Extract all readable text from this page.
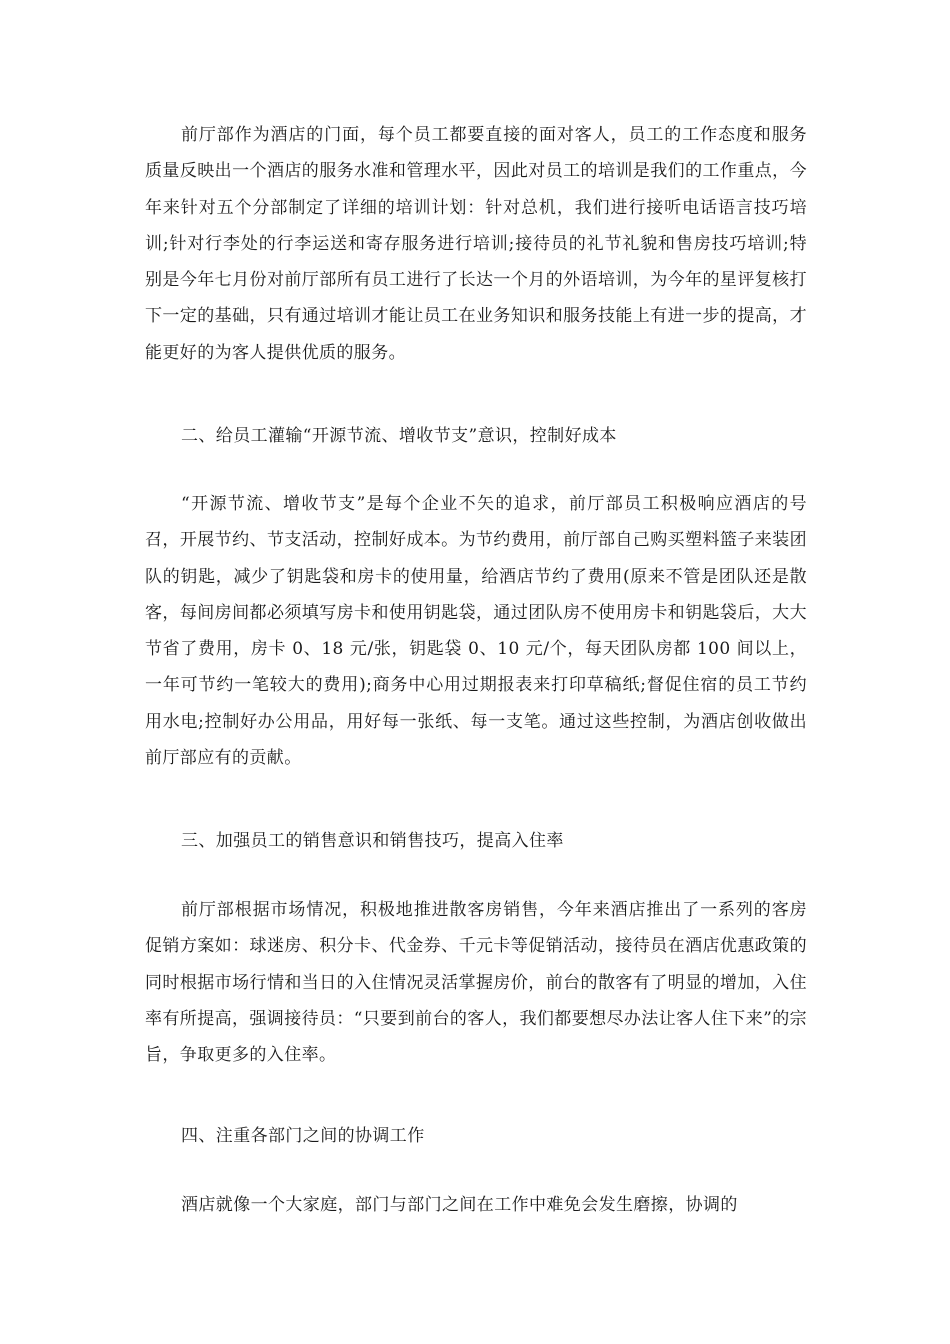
前厅部作为酒店的门面，每个员工都要直接的面对客人，员工的工作态度和服务质量反映出一个酒店的服务水准和管理水平，因此对员工的培训是我们的工作重点，今年来针对五个分部制定了详细的培训计划：针对总机，我们进行接听电话语言技巧培训;针对行李处的行李运送和寄存服务进行培训;接待员的礼节礼貌和售房技巧培训;特别是今年七月份对前厅部所有员工进行了长达一个月的外语培训，为今年的星评复核打下一定的基础，只有通过培训才能让员工在业务知识和服务技能上有进一步的提高，才能更好的为客人提供优质的服务。

二、给员工灌输“开源节流、增收节支”意识，控制好成本

“开源节流、增收节支”是每个企业不矢的追求，前厅部员工积极响应酒店的号召，开展节约、节支活动，控制好成本。为节约费用，前厅部自己购买塑料篮子来装团队的钥匙，减少了钥匙袋和房卡的使用量，给酒店节约了费用(原来不管是团队还是散客，每间房间都必须填写房卡和使用钥匙袋，通过团队房不使用房卡和钥匙袋后，大大节省了费用，房卡 0、18 元/张，钥匙袋 0、10 元/个，每天团队房都 100 间以上，一年可节约一笔较大的费用);商务中心用过期报表来打印草稿纸;督促住宿的员工节约用水电;控制好办公用品，用好每一张纸、每一支笔。通过这些控制，为酒店创收做出前厅部应有的贡献。

三、加强员工的销售意识和销售技巧，提高入住率

前厅部根据市场情况，积极地推进散客房销售，今年来酒店推出了一系列的客房促销方案如：球迷房、积分卡、代金券、千元卡等促销活动，接待员在酒店优惠政策的同时根据市场行情和当日的入住情况灵活掌握房价，前台的散客有了明显的增加，入住率有所提高，强调接待员：“只要到前台的客人，我们都要想尽办法让客人住下来”的宗旨，争取更多的入住率。

四、注重各部门之间的协调工作

酒店就像一个大家庭，部门与部门之间在工作中难免会发生磨擦，协调的
